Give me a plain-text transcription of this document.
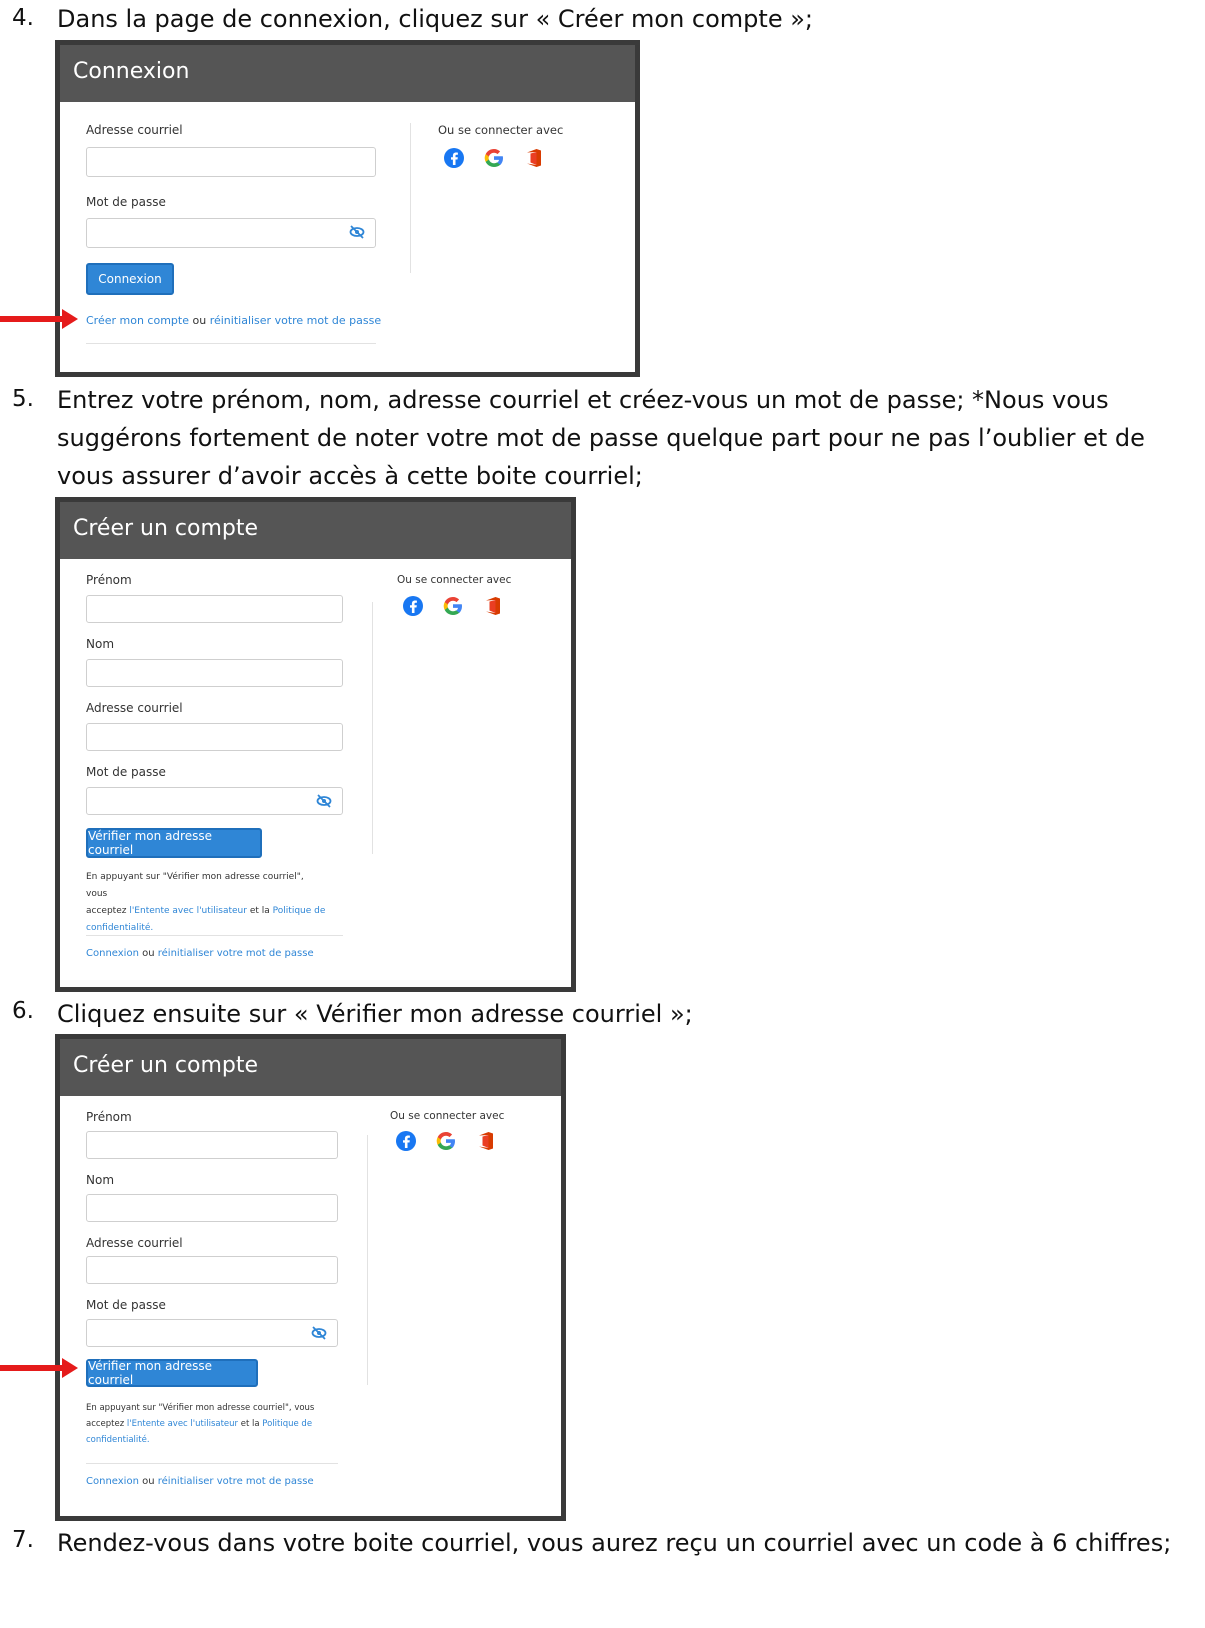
4. Dans la page de connexion, cliquez sur « Créer mon compte »;
Connexion
Adresse courriel
Mot de passe
Connexion
Créer mon compte ou réinitialiser votre mot de passe
Ou se connecter avec
5. Entrez votre prénom, nom, adresse courriel et créez-vous un mot de passe; *Nous vous suggérons fortement de noter votre mot de passe quelque part pour ne pas l’oublier et de vous assurer d’avoir accès à cette boite courriel;
Créer un compte
Prénom
Nom
Adresse courriel
Mot de passe
Vérifier mon adresse courriel
En appuyant sur "Vérifier mon adresse courriel", vous
acceptez l'Entente avec l'utilisateur et la Politique de
confidentialité.
Connexion ou réinitialiser votre mot de passe
Ou se connecter avec
6. Cliquez ensuite sur « Vérifier mon adresse courriel »;
Créer un compte
Prénom
Nom
Adresse courriel
Mot de passe
Vérifier mon adresse courriel
En appuyant sur "Vérifier mon adresse courriel", vous
acceptez l'Entente avec l'utilisateur et la Politique de
confidentialité.
Connexion ou réinitialiser votre mot de passe
Ou se connecter avec
7. Rendez-vous dans votre boite courriel, vous aurez reçu un courriel avec un code à 6 chiffres;
